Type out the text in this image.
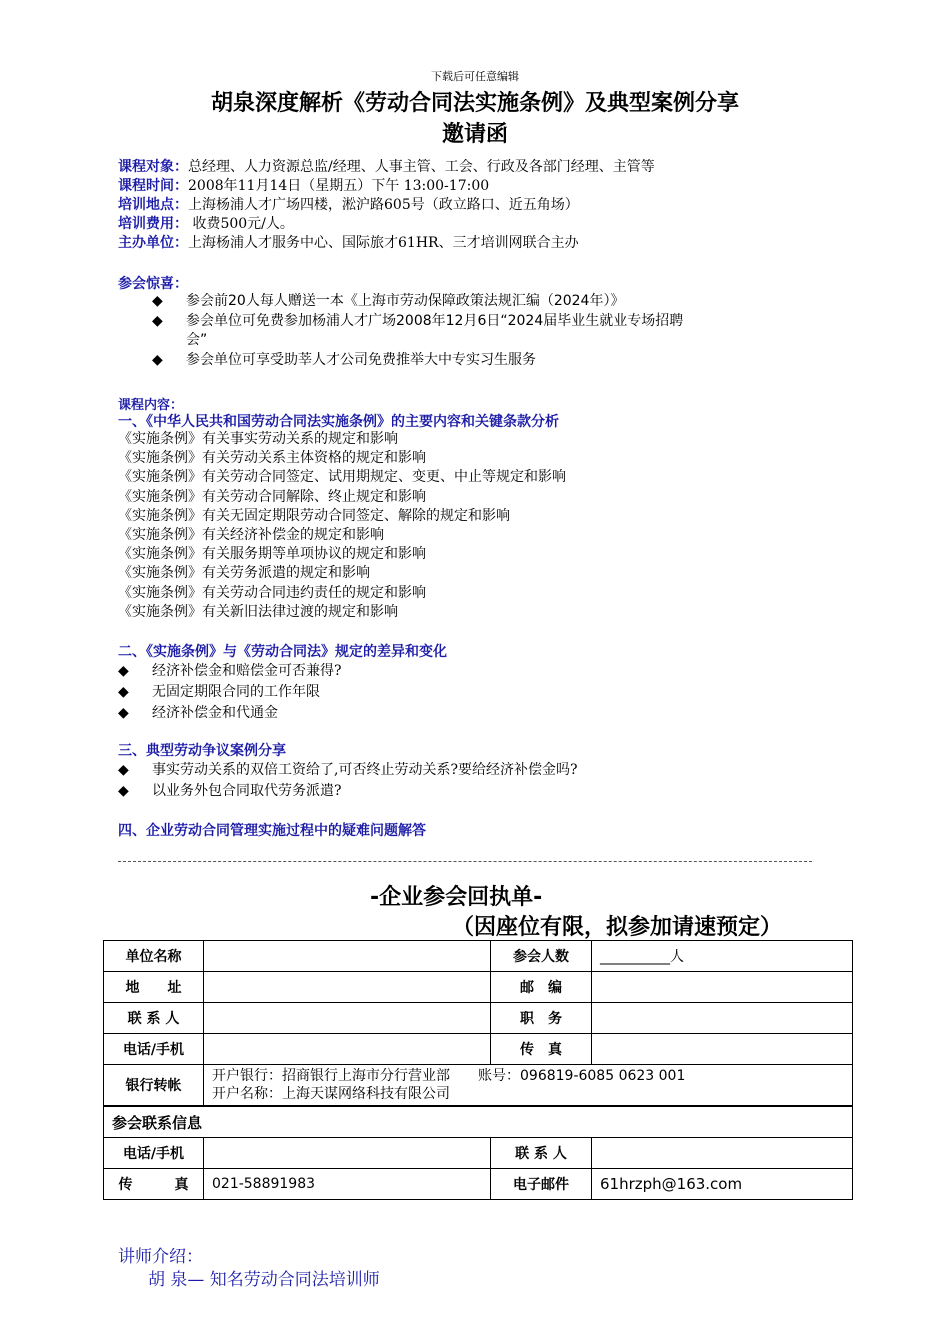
下载后可任意编辑
胡泉深度解析《劳动合同法实施条例》及典型案例分享
邀请函
课程对象：总经理、人力资源总监/经理、人事主管、工会、行政及各部门经理、主管等
课程时间：2008年11月14日（星期五）下午 13:00-17:00
培训地点：上海杨浦人才广场四楼，淞沪路605号（政立路口、近五角场）
培训费用： 收费500元/人。
主办单位：上海杨浦人才服务中心、国际旅才61HR、三才培训网联合主办
参会惊喜：
◆	参会前20人每人赠送一本《上海市劳动保障政策法规汇编（2024年）》
◆	参会单位可免费参加杨浦人才广场2008年12月6日“2024届毕业生就业专场招聘
会”
◆	参会单位可享受助莘人才公司免费推举大中专实习生服务
课程内容：
一、《中华人民共和国劳动合同法实施条例》的主要内容和关键条款分析
《实施条例》有关事实劳动关系的规定和影响
《实施条例》有关劳动关系主体资格的规定和影响
《实施条例》有关劳动合同签定、试用期规定、变更、中止等规定和影响
《实施条例》有关劳动合同解除、终止规定和影响
《实施条例》有关无固定期限劳动合同签定、解除的规定和影响
《实施条例》有关经济补偿金的规定和影响
《实施条例》有关服务期等单项协议的规定和影响
《实施条例》有关劳务派遣的规定和影响
《实施条例》有关劳动合同违约责任的规定和影响
《实施条例》有关新旧法律过渡的规定和影响
二、《实施条例》与《劳动合同法》规定的差异和变化
◆	经济补偿金和赔偿金可否兼得?
◆	无固定期限合同的工作年限
◆	经济补偿金和代通金
三、典型劳动争议案例分享
◆	事实劳动关系的双倍工资给了,可否终止劳动关系?要给经济补偿金吗?
◆	以业务外包合同取代劳务派遣?
四、企业劳动合同管理实施过程中的疑难问题解答
-企业参会回执单-
（因座位有限，拟参加请速预定）
单位名称		参会人数	__________人
地　　址		邮　编	
联 系 人		职　务	
电话/手机		传　真	
银行转帐	开户银行：招商银行上海市分行营业部　　账号：096819-6085 0623 001
开户名称：上海天谋网络科技有限公司		

参会联系信息			
电话/手机		联 系 人	
传　　　真	021-58891983	电子邮件	61hrzph@163.com
讲师介绍：
胡 泉— 知名劳动合同法培训师
